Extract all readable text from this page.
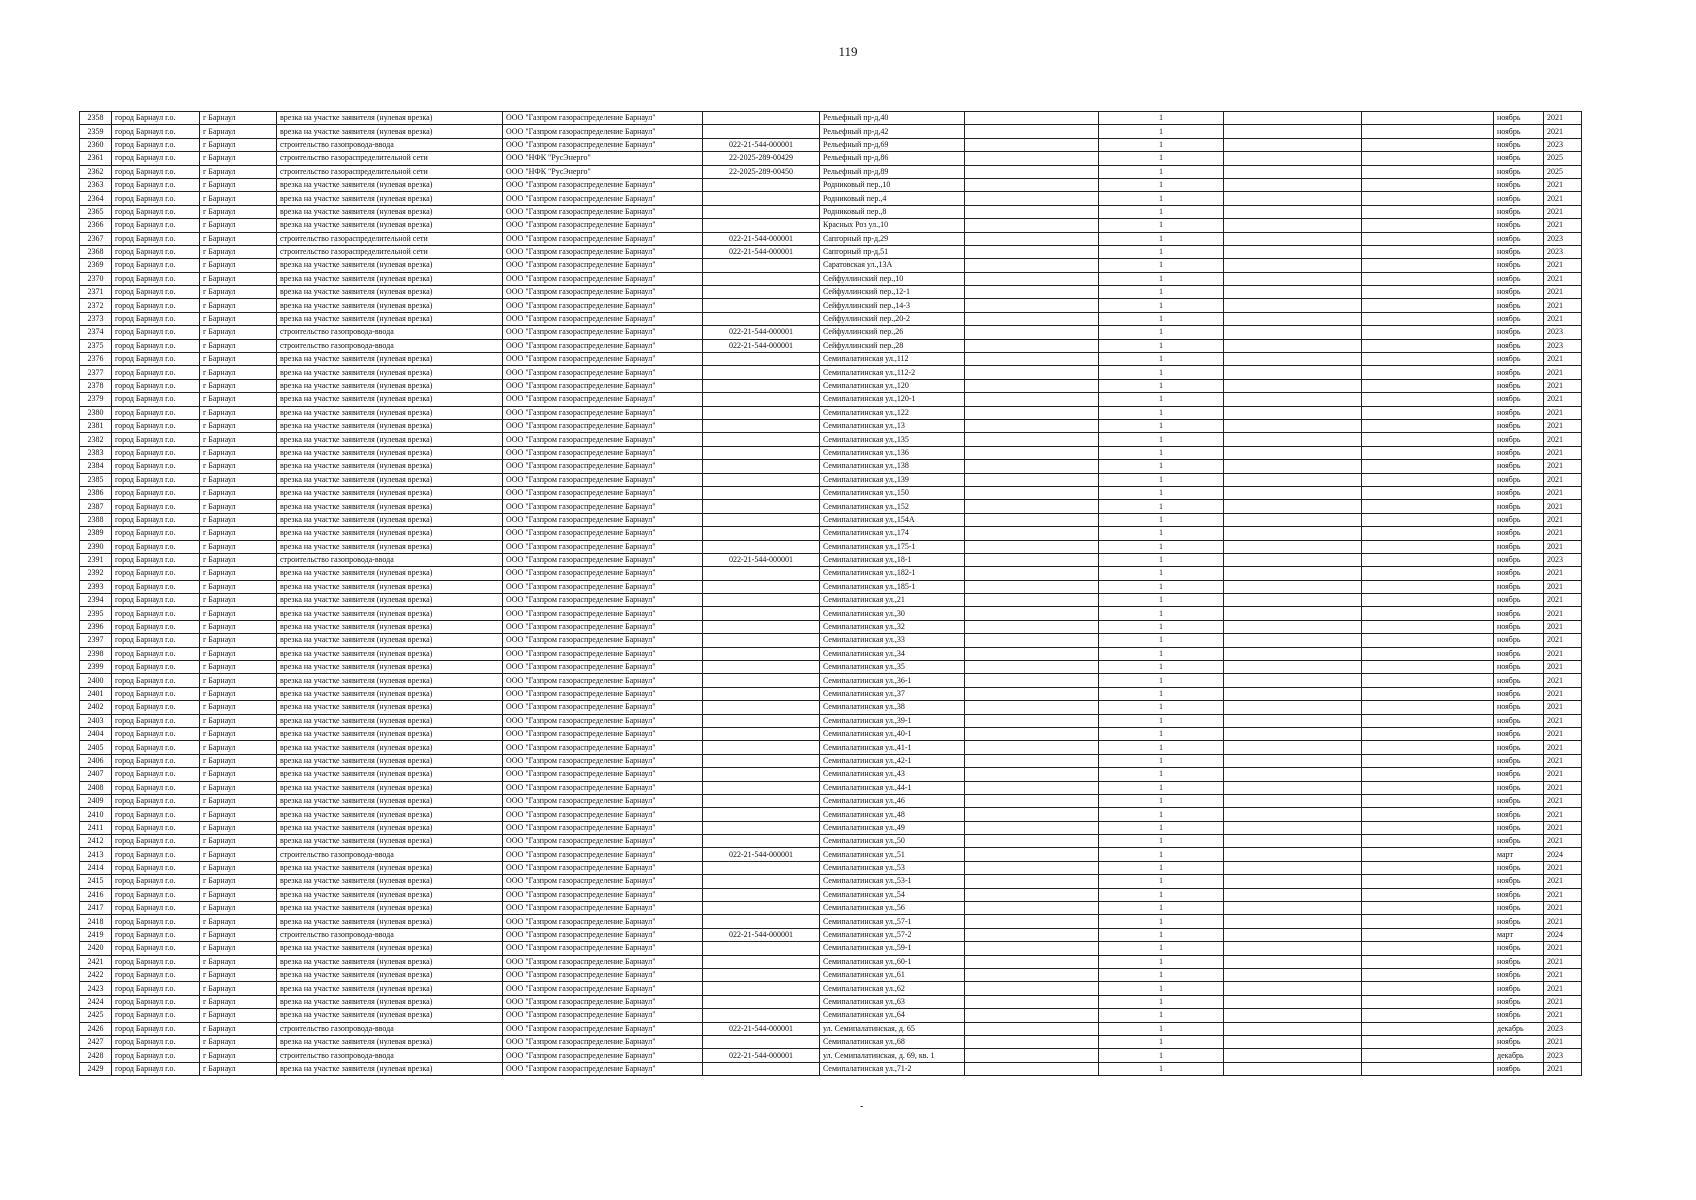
119
2358	город Барнаул г.о.	г Барнаул	врезка на участке заявителя (нулевая врезка)	ООО "Газпром газораспределение Барнаул"		Рельефный пр-д,40		1			ноябрь	2021
2359	город Барнаул г.о.	г Барнаул	врезка на участке заявителя (нулевая врезка)	ООО "Газпром газораспределение Барнаул"		Рельефный пр-д,42		1			ноябрь	2021
2360	город Барнаул г.о.	г Барнаул	строительство газопровода-ввода	ООО "Газпром газораспределение Барнаул"	022-21-544-000001	Рельефный пр-д,69		1			ноябрь	2023
2361	город Барнаул г.о.	г Барнаул	строительство газораспределительной сети	ООО "НФК "РусЭнерго"	22-2025-289-00429	Рельефный пр-д,86		1			ноябрь	2025
2362	город Барнаул г.о.	г Барнаул	строительство газораспределительной сети	ООО "НФК "РусЭнерго"	22-2025-289-00450	Рельефный пр-д,89		1			ноябрь	2025
2363	город Барнаул г.о.	г Барнаул	врезка на участке заявителя (нулевая врезка)	ООО "Газпром газораспределение Барнаул"		Родниковый пер.,10		1			ноябрь	2021
2364	город Барнаул г.о.	г Барнаул	врезка на участке заявителя (нулевая врезка)	ООО "Газпром газораспределение Барнаул"		Родниковый пер.,4		1			ноябрь	2021
2365	город Барнаул г.о.	г Барнаул	врезка на участке заявителя (нулевая врезка)	ООО "Газпром газораспределение Барнаул"		Родниковый пер.,8		1			ноябрь	2021
2366	город Барнаул г.о.	г Барнаул	врезка на участке заявителя (нулевая врезка)	ООО "Газпром газораспределение Барнаул"		Красных Роз ул.,10		1			ноябрь	2021
2367	город Барнаул г.о.	г Барнаул	строительство газораспределительной сети	ООО "Газпром газораспределение Барнаул"	022-21-544-000001	Сапгорный пр-д,29		1			ноябрь	2023
2368	город Барнаул г.о.	г Барнаул	строительство газораспределительной сети	ООО "Газпром газораспределение Барнаул"	022-21-544-000001	Сапгорный пр-д,51		1			ноябрь	2023
2369	город Барнаул г.о.	г Барнаул	врезка на участке заявителя (нулевая врезка)	ООО "Газпром газораспределение Барнаул"		Саратовская ул.,13А		1			ноябрь	2021
2370	город Барнаул г.о.	г Барнаул	врезка на участке заявителя (нулевая врезка)	ООО "Газпром газораспределение Барнаул"		Сейфуллинский пер.,10		1			ноябрь	2021
2371	город Барнаул г.о.	г Барнаул	врезка на участке заявителя (нулевая врезка)	ООО "Газпром газораспределение Барнаул"		Сейфуллинский пер.,12-1		1			ноябрь	2021
2372	город Барнаул г.о.	г Барнаул	врезка на участке заявителя (нулевая врезка)	ООО "Газпром газораспределение Барнаул"		Сейфуллинский пер.,14-3		1			ноябрь	2021
2373	город Барнаул г.о.	г Барнаул	врезка на участке заявителя (нулевая врезка)	ООО "Газпром газораспределение Барнаул"		Сейфуллинский пер.,20-2		1			ноябрь	2021
2374	город Барнаул г.о.	г Барнаул	строительство газопровода-ввода	ООО "Газпром газораспределение Барнаул"	022-21-544-000001	Сейфуллинский пер.,26		1			ноябрь	2023
2375	город Барнаул г.о.	г Барнаул	строительство газопровода-ввода	ООО "Газпром газораспределение Барнаул"	022-21-544-000001	Сейфуллинский пер.,28		1			ноябрь	2023
2376	город Барнаул г.о.	г Барнаул	врезка на участке заявителя (нулевая врезка)	ООО "Газпром газораспределение Барнаул"		Семипалатинская ул.,112		1			ноябрь	2021
2377	город Барнаул г.о.	г Барнаул	врезка на участке заявителя (нулевая врезка)	ООО "Газпром газораспределение Барнаул"		Семипалатинская ул.,112-2		1			ноябрь	2021
2378	город Барнаул г.о.	г Барнаул	врезка на участке заявителя (нулевая врезка)	ООО "Газпром газораспределение Барнаул"		Семипалатинская ул.,120		1			ноябрь	2021
2379	город Барнаул г.о.	г Барнаул	врезка на участке заявителя (нулевая врезка)	ООО "Газпром газораспределение Барнаул"		Семипалатинская ул.,120-1		1			ноябрь	2021
2380	город Барнаул г.о.	г Барнаул	врезка на участке заявителя (нулевая врезка)	ООО "Газпром газораспределение Барнаул"		Семипалатинская ул.,122		1			ноябрь	2021
2381	город Барнаул г.о.	г Барнаул	врезка на участке заявителя (нулевая врезка)	ООО "Газпром газораспределение Барнаул"		Семипалатинская ул.,13		1			ноябрь	2021
2382	город Барнаул г.о.	г Барнаул	врезка на участке заявителя (нулевая врезка)	ООО "Газпром газораспределение Барнаул"		Семипалатинская ул.,135		1			ноябрь	2021
2383	город Барнаул г.о.	г Барнаул	врезка на участке заявителя (нулевая врезка)	ООО "Газпром газораспределение Барнаул"		Семипалатинская ул.,136		1			ноябрь	2021
2384	город Барнаул г.о.	г Барнаул	врезка на участке заявителя (нулевая врезка)	ООО "Газпром газораспределение Барнаул"		Семипалатинская ул.,138		1			ноябрь	2021
2385	город Барнаул г.о.	г Барнаул	врезка на участке заявителя (нулевая врезка)	ООО "Газпром газораспределение Барнаул"		Семипалатинская ул.,139		1			ноябрь	2021
2386	город Барнаул г.о.	г Барнаул	врезка на участке заявителя (нулевая врезка)	ООО "Газпром газораспределение Барнаул"		Семипалатинская ул.,150		1			ноябрь	2021
2387	город Барнаул г.о.	г Барнаул	врезка на участке заявителя (нулевая врезка)	ООО "Газпром газораспределение Барнаул"		Семипалатинская ул.,152		1			ноябрь	2021
2388	город Барнаул г.о.	г Барнаул	врезка на участке заявителя (нулевая врезка)	ООО "Газпром газораспределение Барнаул"		Семипалатинская ул.,154А		1			ноябрь	2021
2389	город Барнаул г.о.	г Барнаул	врезка на участке заявителя (нулевая врезка)	ООО "Газпром газораспределение Барнаул"		Семипалатинская ул.,174		1			ноябрь	2021
2390	город Барнаул г.о.	г Барнаул	врезка на участке заявителя (нулевая врезка)	ООО "Газпром газораспределение Барнаул"		Семипалатинская ул.,175-1		1			ноябрь	2021
2391	город Барнаул г.о.	г Барнаул	строительство газопровода-ввода	ООО "Газпром газораспределение Барнаул"	022-21-544-000001	Семипалатинская ул.,18-1		1			ноябрь	2023
2392	город Барнаул г.о.	г Барнаул	врезка на участке заявителя (нулевая врезка)	ООО "Газпром газораспределение Барнаул"		Семипалатинская ул.,182-1		1			ноябрь	2021
2393	город Барнаул г.о.	г Барнаул	врезка на участке заявителя (нулевая врезка)	ООО "Газпром газораспределение Барнаул"		Семипалатинская ул.,185-1		1			ноябрь	2021
2394	город Барнаул г.о.	г Барнаул	врезка на участке заявителя (нулевая врезка)	ООО "Газпром газораспределение Барнаул"		Семипалатинская ул.,21		1			ноябрь	2021
2395	город Барнаул г.о.	г Барнаул	врезка на участке заявителя (нулевая врезка)	ООО "Газпром газораспределение Барнаул"		Семипалатинская ул.,30		1			ноябрь	2021
2396	город Барнаул г.о.	г Барнаул	врезка на участке заявителя (нулевая врезка)	ООО "Газпром газораспределение Барнаул"		Семипалатинская ул.,32		1			ноябрь	2021
2397	город Барнаул г.о.	г Барнаул	врезка на участке заявителя (нулевая врезка)	ООО "Газпром газораспределение Барнаул"		Семипалатинская ул.,33		1			ноябрь	2021
2398	город Барнаул г.о.	г Барнаул	врезка на участке заявителя (нулевая врезка)	ООО "Газпром газораспределение Барнаул"		Семипалатинская ул.,34		1			ноябрь	2021
2399	город Барнаул г.о.	г Барнаул	врезка на участке заявителя (нулевая врезка)	ООО "Газпром газораспределение Барнаул"		Семипалатинская ул.,35		1			ноябрь	2021
2400	город Барнаул г.о.	г Барнаул	врезка на участке заявителя (нулевая врезка)	ООО "Газпром газораспределение Барнаул"		Семипалатинская ул.,36-1		1			ноябрь	2021
2401	город Барнаул г.о.	г Барнаул	врезка на участке заявителя (нулевая врезка)	ООО "Газпром газораспределение Барнаул"		Семипалатинская ул.,37		1			ноябрь	2021
2402	город Барнаул г.о.	г Барнаул	врезка на участке заявителя (нулевая врезка)	ООО "Газпром газораспределение Барнаул"		Семипалатинская ул.,38		1			ноябрь	2021
2403	город Барнаул г.о.	г Барнаул	врезка на участке заявителя (нулевая врезка)	ООО "Газпром газораспределение Барнаул"		Семипалатинская ул.,39-1		1			ноябрь	2021
2404	город Барнаул г.о.	г Барнаул	врезка на участке заявителя (нулевая врезка)	ООО "Газпром газораспределение Барнаул"		Семипалатинская ул.,40-1		1			ноябрь	2021
2405	город Барнаул г.о.	г Барнаул	врезка на участке заявителя (нулевая врезка)	ООО "Газпром газораспределение Барнаул"		Семипалатинская ул.,41-1		1			ноябрь	2021
2406	город Барнаул г.о.	г Барнаул	врезка на участке заявителя (нулевая врезка)	ООО "Газпром газораспределение Барнаул"		Семипалатинская ул.,42-1		1			ноябрь	2021
2407	город Барнаул г.о.	г Барнаул	врезка на участке заявителя (нулевая врезка)	ООО "Газпром газораспределение Барнаул"		Семипалатинская ул.,43		1			ноябрь	2021
2408	город Барнаул г.о.	г Барнаул	врезка на участке заявителя (нулевая врезка)	ООО "Газпром газораспределение Барнаул"		Семипалатинская ул.,44-1		1			ноябрь	2021
2409	город Барнаул г.о.	г Барнаул	врезка на участке заявителя (нулевая врезка)	ООО "Газпром газораспределение Барнаул"		Семипалатинская ул.,46		1			ноябрь	2021
2410	город Барнаул г.о.	г Барнаул	врезка на участке заявителя (нулевая врезка)	ООО "Газпром газораспределение Барнаул"		Семипалатинская ул.,48		1			ноябрь	2021
2411	город Барнаул г.о.	г Барнаул	врезка на участке заявителя (нулевая врезка)	ООО "Газпром газораспределение Барнаул"		Семипалатинская ул.,49		1			ноябрь	2021
2412	город Барнаул г.о.	г Барнаул	врезка на участке заявителя (нулевая врезка)	ООО "Газпром газораспределение Барнаул"		Семипалатинская ул.,50		1			ноябрь	2021
2413	город Барнаул г.о.	г Барнаул	строительство газопровода-ввода	ООО "Газпром газораспределение Барнаул"	022-21-544-000001	Семипалатинская ул.,51		1			март	2024
2414	город Барнаул г.о.	г Барнаул	врезка на участке заявителя (нулевая врезка)	ООО "Газпром газораспределение Барнаул"		Семипалатинская ул.,53		1			ноябрь	2021
2415	город Барнаул г.о.	г Барнаул	врезка на участке заявителя (нулевая врезка)	ООО "Газпром газораспределение Барнаул"		Семипалатинская ул.,53-1		1			ноябрь	2021
2416	город Барнаул г.о.	г Барнаул	врезка на участке заявителя (нулевая врезка)	ООО "Газпром газораспределение Барнаул"		Семипалатинская ул.,54		1			ноябрь	2021
2417	город Барнаул г.о.	г Барнаул	врезка на участке заявителя (нулевая врезка)	ООО "Газпром газораспределение Барнаул"		Семипалатинская ул.,56		1			ноябрь	2021
2418	город Барнаул г.о.	г Барнаул	врезка на участке заявителя (нулевая врезка)	ООО "Газпром газораспределение Барнаул"		Семипалатинская ул.,57-1		1			ноябрь	2021
2419	город Барнаул г.о.	г Барнаул	строительство газопровода-ввода	ООО "Газпром газораспределение Барнаул"	022-21-544-000001	Семипалатинская ул.,57-2		1			март	2024
2420	город Барнаул г.о.	г Барнаул	врезка на участке заявителя (нулевая врезка)	ООО "Газпром газораспределение Барнаул"		Семипалатинская ул.,59-1		1			ноябрь	2021
2421	город Барнаул г.о.	г Барнаул	врезка на участке заявителя (нулевая врезка)	ООО "Газпром газораспределение Барнаул"		Семипалатинская ул.,60-1		1			ноябрь	2021
2422	город Барнаул г.о.	г Барнаул	врезка на участке заявителя (нулевая врезка)	ООО "Газпром газораспределение Барнаул"		Семипалатинская ул.,61		1			ноябрь	2021
2423	город Барнаул г.о.	г Барнаул	врезка на участке заявителя (нулевая врезка)	ООО "Газпром газораспределение Барнаул"		Семипалатинская ул.,62		1			ноябрь	2021
2424	город Барнаул г.о.	г Барнаул	врезка на участке заявителя (нулевая врезка)	ООО "Газпром газораспределение Барнаул"		Семипалатинская ул.,63		1			ноябрь	2021
2425	город Барнаул г.о.	г Барнаул	врезка на участке заявителя (нулевая врезка)	ООО "Газпром газораспределение Барнаул"		Семипалатинская ул.,64		1			ноябрь	2021
2426	город Барнаул г.о.	г Барнаул	строительство газопровода-ввода	ООО "Газпром газораспределение Барнаул"	022-21-544-000001	ул. Семипалатинская, д. 65		1			декабрь	2023
2427	город Барнаул г.о.	г Барнаул	врезка на участке заявителя (нулевая врезка)	ООО "Газпром газораспределение Барнаул"		Семипалатинская ул.,68		1			ноябрь	2021
2428	город Барнаул г.о.	г Барнаул	строительство газопровода-ввода	ООО "Газпром газораспределение Барнаул"	022-21-544-000001	ул. Семипалатинская, д. 69, кв. 1		1			декабрь	2023
2429	город Барнаул г.о.	г Барнаул	врезка на участке заявителя (нулевая врезка)	ООО "Газпром газораспределение Барнаул"		Семипалатинская ул.,71-2		1			ноябрь	2021
-
